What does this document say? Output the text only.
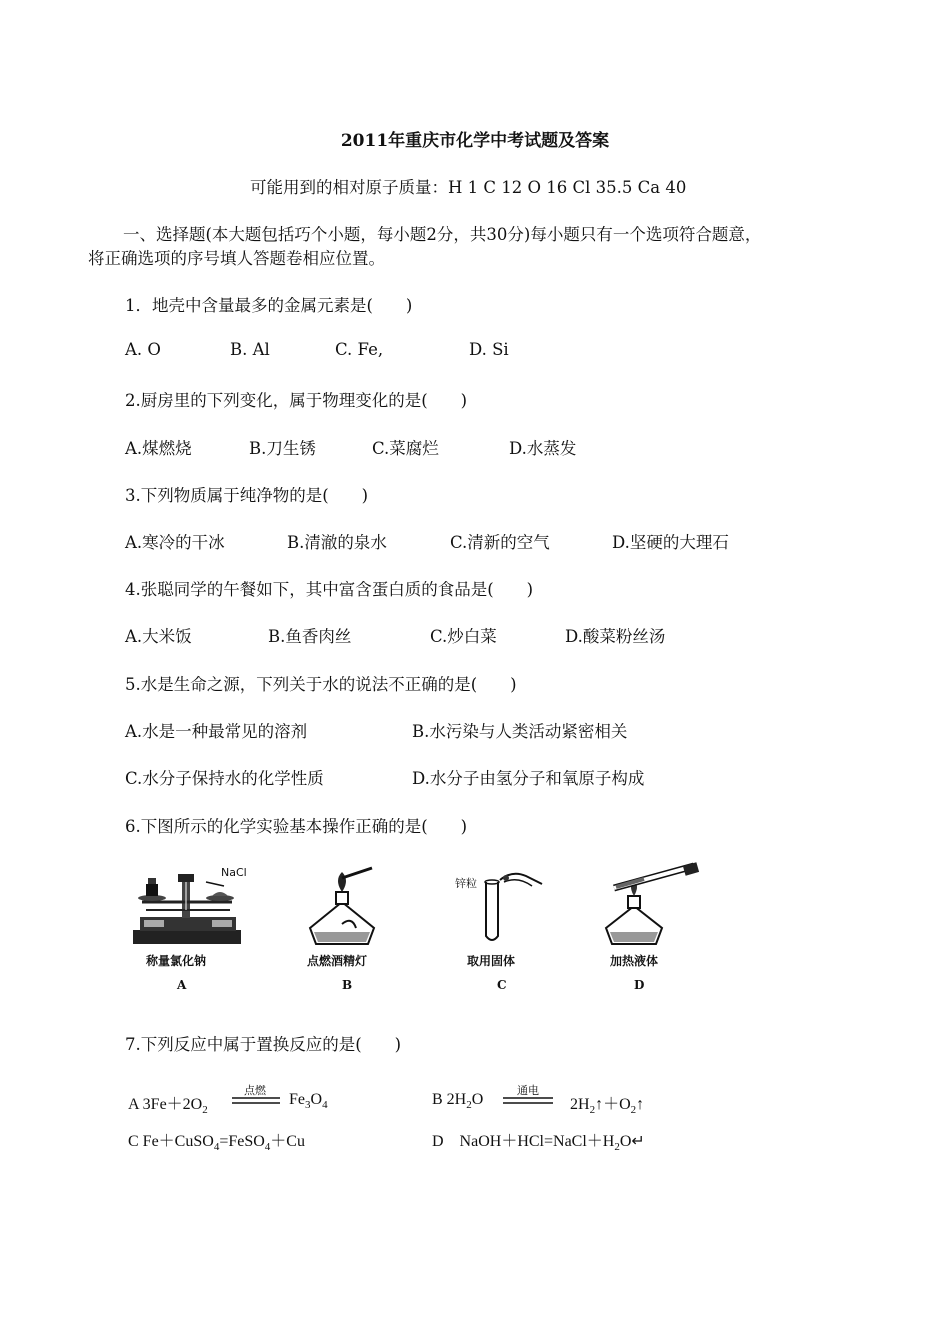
2011年重庆市化学中考试题及答案
可能用到的相对原子质量：H 1 C 12 O 16 Cl 35.5 Ca 40
一、选择题(本大题包括巧个小题，每小题2分，共30分)每小题只有一个选项符合题意，
将正确选项的序号填人答题卷相应位置。
1．地壳中含量最多的金属元素是(　　)
A. O	B. Al	C. Fe,	D. Si
2.厨房里的下列变化，属于物理变化的是(　　)
A.煤燃烧	B.刀生锈	C.菜腐烂	D.水蒸发
3.下列物质属于纯净物的是(　　)
A.寒冷的干冰	B.清澈的泉水	C.清新的空气	D.坚硬的大理石
4.张聪同学的午餐如下，其中富含蛋白质的食品是(　　)
A.大米饭	B.鱼香肉丝	C.炒白菜	D.酸菜粉丝汤
5.水是生命之源，下列关于水的说法不正确的是(　　)
A.水是一种最常见的溶剂	B.水污染与人类活动紧密相关
C.水分子保持水的化学性质	D.水分子由氢分子和氧原子构成
6.下图所示的化学实验基本操作正确的是(　　)
NaCl
锌粒
称量氯化钠	点燃酒精灯	取用固体	加热液体
A	B	C	D
7.下列反应中属于置换反应的是(　　)
A $3Fe+2O_2$
点燃
$Fe_3O_4$	B $2H_2O$
通电
$2H_2↑+O_2↑$
C Fe＋CuSO$_4$=FeSO$_4$＋Cu	D　$NaOH+HCl=NaCl+H_2O↵$
